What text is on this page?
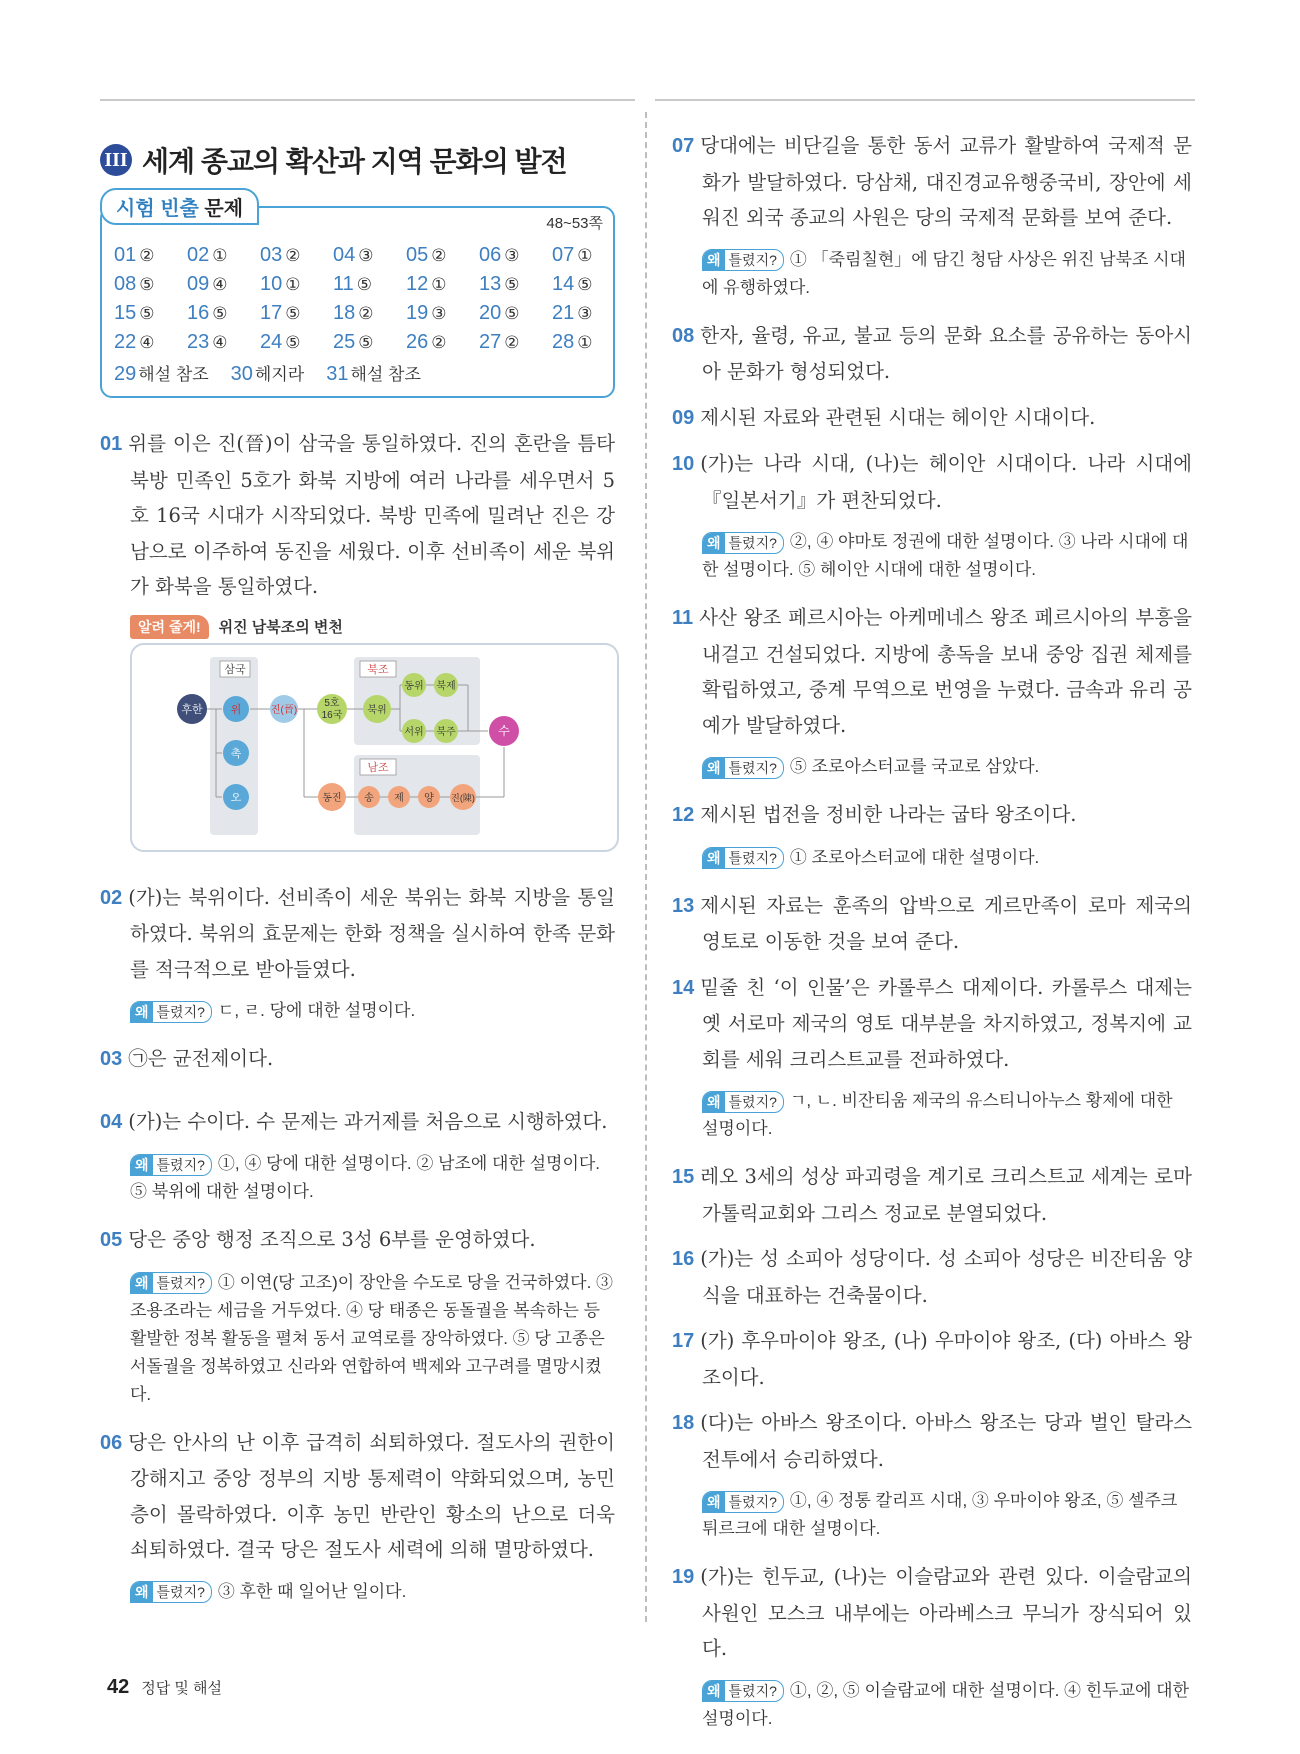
III 세계 종교의 확산과 지역 문화의 발전
시험 빈출 문제
48~53쪽
01 ②	02 ①	03 ②	04 ③	05 ②	06 ③	07 ①
08 ⑤	09 ④	10 ①	11 ⑤	12 ①	13 ⑤	14 ⑤
15 ⑤	16 ⑤	17 ⑤	18 ②	19 ③	20 ⑤	21 ③
22 ④	23 ④	24 ⑤	25 ⑤	26 ②	27 ②	28 ①
29 해설 참조 30 헤지라 31 해설 참조
01 위를 이은 진(晉)이 삼국을 통일하였다. 진의 혼란을 틈타 북방 민족인 5호가 화북 지방에 여러 나라를 세우면서 5호 16국 시대가 시작되었다. 북방 민족에 밀려난 진은 강남으로 이주하여 동진을 세웠다. 이후 선비족이 세운 북위가 화북을 통일하였다.
알려 줄게!	위진 남북조의 변천
삼국	북조
남조
후한	위
촉
오
진(晉)
5호
16국 북위
동위 북제
서위 북주	수
동진 송 제 양 진(陳)
02 (가)는 북위이다. 선비족이 세운 북위는 화북 지방을 통일하였다. 북위의 효문제는 한화 정책을 실시하여 한족 문화를 적극적으로 받아들였다.
왜 틀렸지? ㄷ, ㄹ. 당에 대한 설명이다.
03 ㉠은 균전제이다.
04 (가)는 수이다. 수 문제는 과거제를 처음으로 시행하였다.
왜 틀렸지? ①, ④ 당에 대한 설명이다. ② 남조에 대한 설명이다. ⑤ 북위에 대한 설명이다.
05 당은 중앙 행정 조직으로 3성 6부를 운영하였다.
왜 틀렸지? ① 이연(당 고조)이 장안을 수도로 당을 건국하였다. ③ 조용조라는 세금을 거두었다. ④ 당 태종은 동돌궐을 복속하는 등 활발한 정복 활동을 펼쳐 동서 교역로를 장악하였다. ⑤ 당 고종은 서돌궐을 정복하였고 신라와 연합하여 백제와 고구려를 멸망시켰다.
06 당은 안사의 난 이후 급격히 쇠퇴하였다. 절도사의 권한이 강해지고 중앙 정부의 지방 통제력이 약화되었으며, 농민층이 몰락하였다. 이후 농민 반란인 황소의 난으로 더욱 쇠퇴하였다. 결국 당은 절도사 세력에 의해 멸망하였다.
왜 틀렸지? ③ 후한 때 일어난 일이다.
07 당대에는 비단길을 통한 동서 교류가 활발하여 국제적 문화가 발달하였다. 당삼채, 대진경교유행중국비, 장안에 세워진 외국 종교의 사원은 당의 국제적 문화를 보여 준다.
왜 틀렸지? ① 「죽림칠현」에 담긴 청담 사상은 위진 남북조 시대에 유행하였다.
08 한자, 율령, 유교, 불교 등의 문화 요소를 공유하는 동아시아 문화가 형성되었다.
09 제시된 자료와 관련된 시대는 헤이안 시대이다.
10 (가)는 나라 시대, (나)는 헤이안 시대이다. 나라 시대에 『일본서기』가 편찬되었다.
왜 틀렸지? ②, ④ 야마토 정권에 대한 설명이다. ③ 나라 시대에 대한 설명이다. ⑤ 헤이안 시대에 대한 설명이다.
11 사산 왕조 페르시아는 아케메네스 왕조 페르시아의 부흥을 내걸고 건설되었다. 지방에 총독을 보내 중앙 집권 체제를 확립하였고, 중계 무역으로 번영을 누렸다. 금속과 유리 공예가 발달하였다.
왜 틀렸지? ⑤ 조로아스터교를 국교로 삼았다.
12 제시된 법전을 정비한 나라는 굽타 왕조이다.
왜 틀렸지? ① 조로아스터교에 대한 설명이다.
13 제시된 자료는 훈족의 압박으로 게르만족이 로마 제국의 영토로 이동한 것을 보여 준다.
14 밑줄 친 ‘이 인물’은 카롤루스 대제이다. 카롤루스 대제는 옛 서로마 제국의 영토 대부분을 차지하였고, 정복지에 교회를 세워 크리스트교를 전파하였다.
왜 틀렸지? ㄱ, ㄴ. 비잔티움 제국의 유스티니아누스 황제에 대한 설명이다.
15 레오 3세의 성상 파괴령을 계기로 크리스트교 세계는 로마 가톨릭교회와 그리스 정교로 분열되었다.
16 (가)는 성 소피아 성당이다. 성 소피아 성당은 비잔티움 양식을 대표하는 건축물이다.
17 (가) 후우마이야 왕조, (나) 우마이야 왕조, (다) 아바스 왕조이다.
18 (다)는 아바스 왕조이다. 아바스 왕조는 당과 벌인 탈라스 전투에서 승리하였다.
왜 틀렸지? ①, ④ 정통 칼리프 시대, ③ 우마이야 왕조, ⑤ 셀주크 튀르크에 대한 설명이다.
19 (가)는 힌두교, (나)는 이슬람교와 관련 있다. 이슬람교의 사원인 모스크 내부에는 아라베스크 무늬가 장식되어 있다.
왜 틀렸지? ①, ②, ⑤ 이슬람교에 대한 설명이다. ④ 힌두교에 대한 설명이다.
42 정답 및 해설
